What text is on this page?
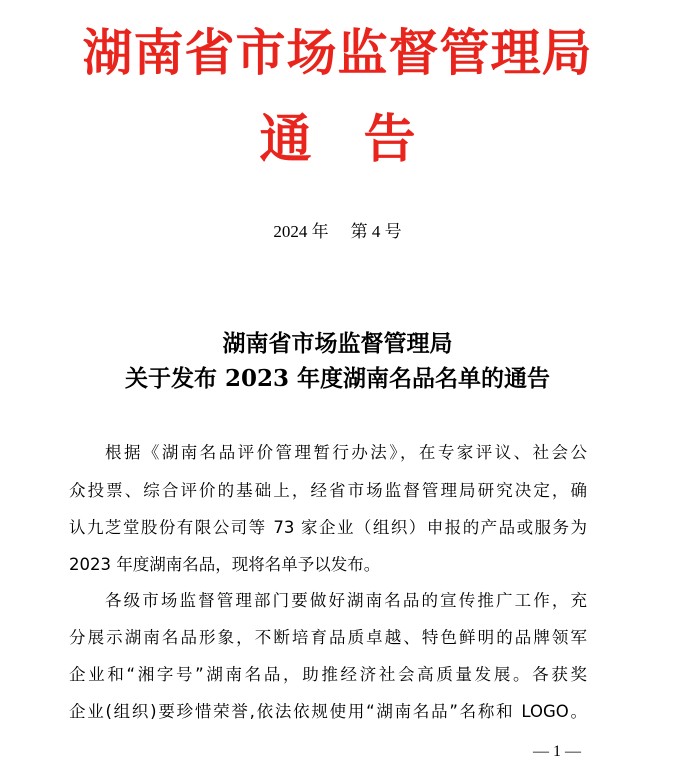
湖南省市场监督管理局
通 告
2024 年 第 4 号
湖南省市场监督管理局
关于发布 2023 年度湖南名品名单的通告
根据《湖南名品评价管理暂行办法》，在专家评议、社会公
众投票、综合评价的基础上，经省市场监督管理局研究决定，确
认九芝堂股份有限公司等 73 家企业（组织）申报的产品或服务为
2023 年度湖南名品，现将名单予以发布。
各级市场监督管理部门要做好湖南名品的宣传推广工作，充
分展示湖南名品形象，不断培育品质卓越、特色鲜明的品牌领军
企业和“湘字号”湖南名品，助推经济社会高质量发展。各获奖
企业(组织)要珍惜荣誉,依法依规使用“湖南名品”名称和 LOGO。
— 1 —
